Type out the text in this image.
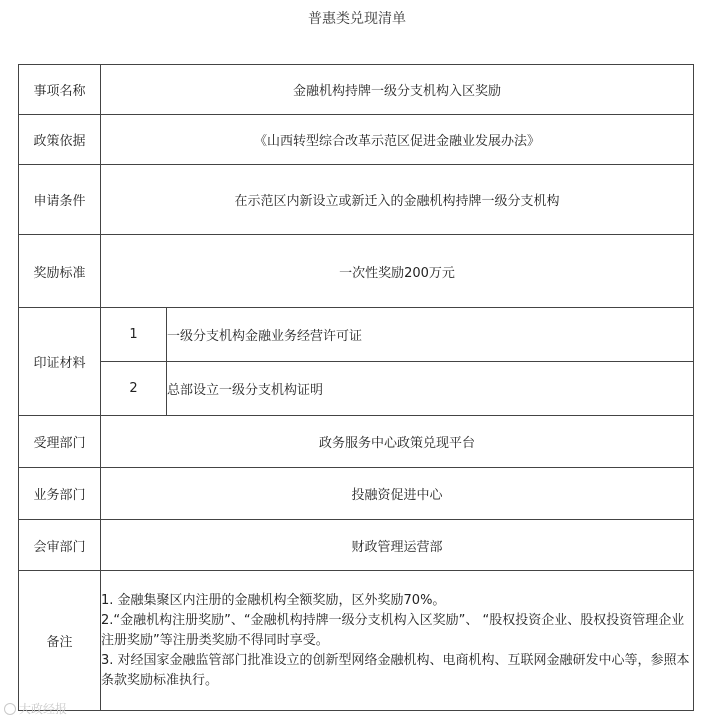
普惠类兑现清单
事项名称	金融机构持牌一级分支机构入区奖励	
政策依据	《山西转型综合改革示范区促进金融业发展办法》	
申请条件	在示范区内新设立或新迁入的金融机构持牌一级分支机构	
奖励标准	一次性奖励200万元	
印证材料	1	一级分支机构金融业务经营许可证
	2	总部设立一级分支机构证明
受理部门	政务服务中心政策兑现平台	
业务部门	投融资促进中心	
会审部门	财政管理运营部	
备注	1. 金融集聚区内注册的金融机构全额奖励，区外奖励70%。
2.“金融机构注册奖励”、“金融机构持牌一级分支机构入区奖励”、 “股权投资企业、股权投资管理企业注册奖励”等注册类奖励不得同时享受。
3. 对经国家金融监管部门批准设立的创新型网络金融机构、电商机构、互联网金融研发中心等，参照本条款奖励标准执行。	
大政经报
